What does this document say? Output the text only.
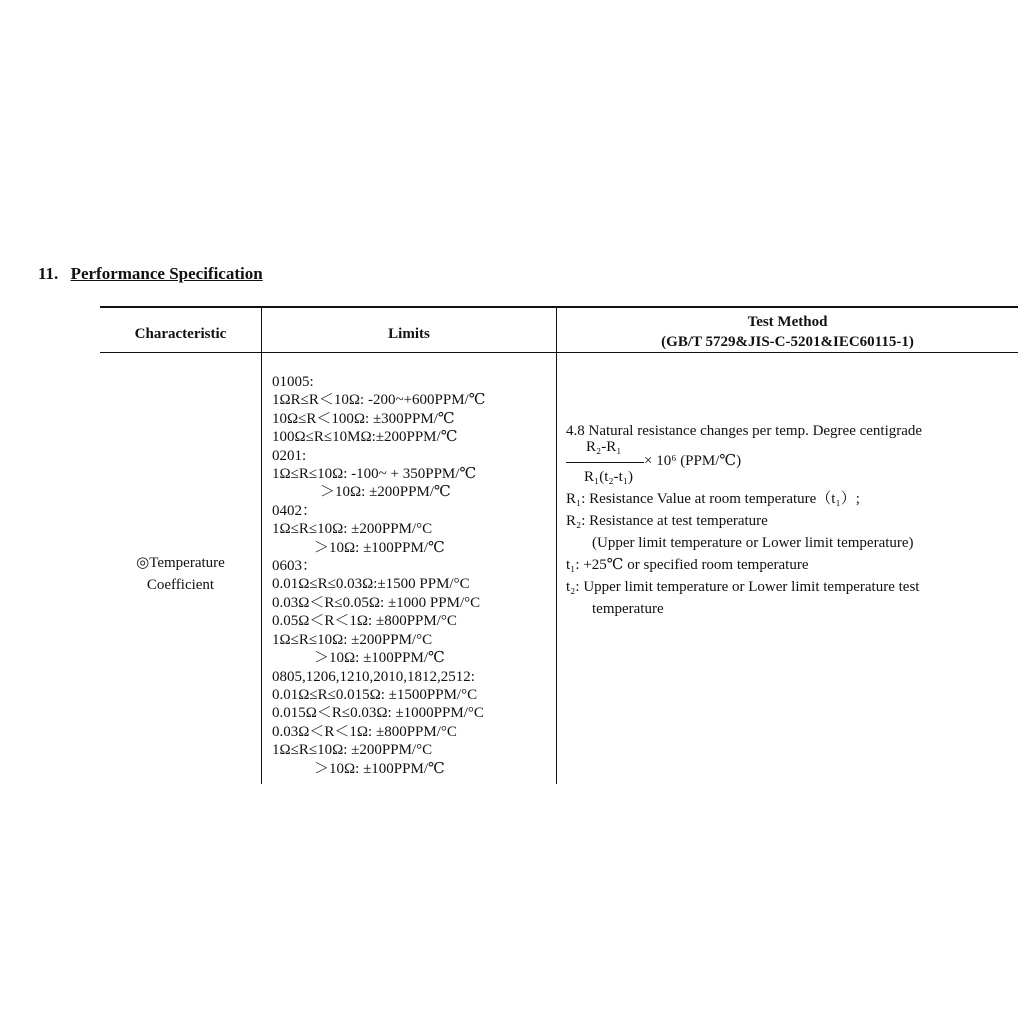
11. Performance Specification
Characteristic	Limits
Test Method
(GB/T 5729&JIS-C-5201&IEC60115-1)
◎Temperature
Coefficient
01005:
1ΩR≤R＜10Ω: -200~+600PPM/℃
10Ω≤R＜100Ω: ±300PPM/℃
100Ω≤R≤10MΩ:±200PPM/℃
0201:
1Ω≤R≤10Ω: -100~ + 350PPM/℃
＞10Ω: ±200PPM/℃
0402：
1Ω≤R≤10Ω: ±200PPM/°C
＞10Ω: ±100PPM/℃
0603：
0.01Ω≤R≤0.03Ω:±1500 PPM/°C
0.03Ω＜R≤0.05Ω: ±1000 PPM/°C
0.05Ω＜R＜1Ω: ±800PPM/°C
1Ω≤R≤10Ω: ±200PPM/°C
＞10Ω: ±100PPM/℃
0805,1206,1210,2010,1812,2512:
0.01Ω≤R≤0.015Ω: ±1500PPM/°C
0.015Ω＜R≤0.03Ω: ±1000PPM/°C
0.03Ω＜R＜1Ω: ±800PPM/°C
1Ω≤R≤10Ω: ±200PPM/°C
＞10Ω: ±100PPM/℃
4.8 Natural resistance changes per temp. Degree centigrade
R₂-R₁
× 10⁶ (PPM/℃)
R₁(t₂-t₁)
R₁: Resistance Value at room temperature（t₁）;
R₂: Resistance at test temperature
(Upper limit temperature or Lower limit temperature)
t₁: +25℃ or specified room temperature
t₂: Upper limit temperature or Lower limit temperature test
temperature
